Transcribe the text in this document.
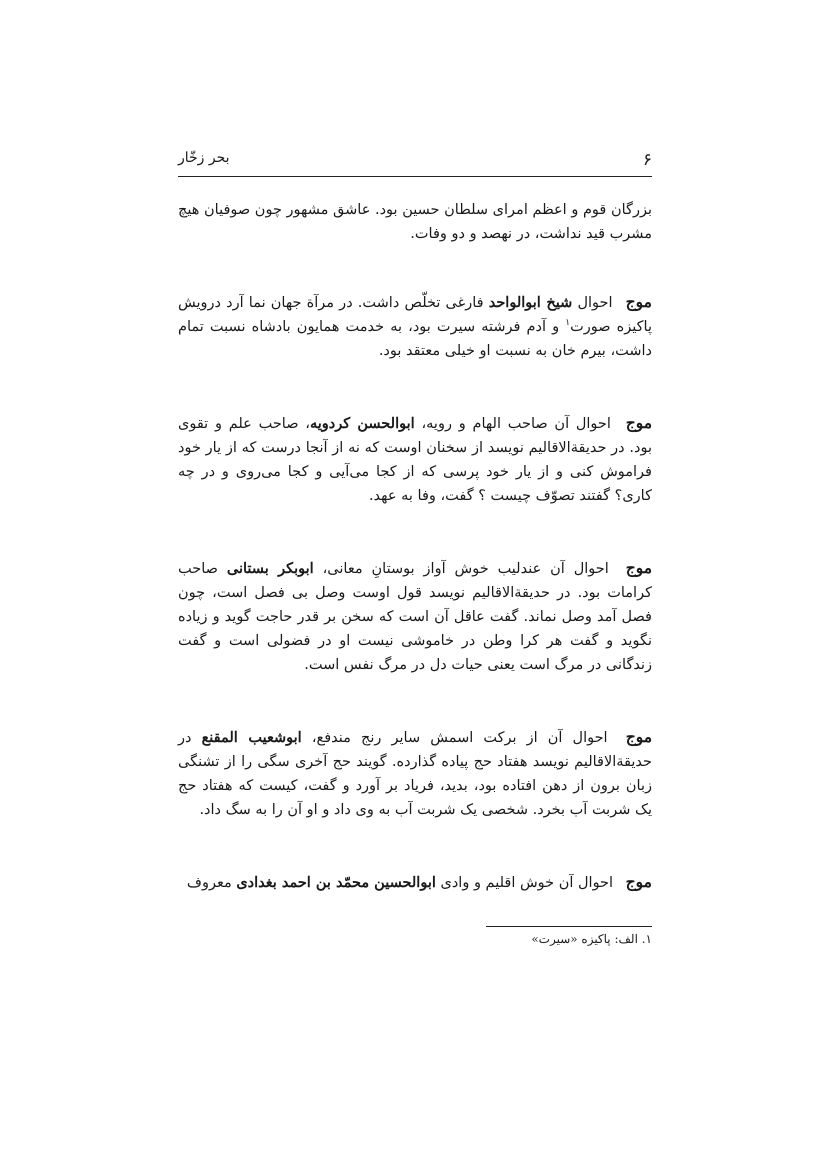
۶
بحر زخّار

بزرگان قوم و اعظم امرای سلطان حسین بود. عاشق مشهور چون صوفیان هیچ مشرب قید نداشت، در نهصد و دو وفات.

موج احوال شیخ ابوالواحد فارغی تخلّص داشت. در مرآة جهان نما آرد درویش پاکیزه صورت$^۱$ و آدم فرشته سیرت بود، به خدمت همایون بادشاه نسبت تمام داشت، بیرم خان به نسبت او خیلی معتقد بود.

موج احوال آن صاحب الهام و رویه، ابوالحسن کردویه، صاحب علم و تقوی بود. در حدیقةالاقالیم نویسد از سخنان اوست که نه از آنجا درست که از یار خود فراموش کنی و از یار خود پرسی که از کجا می‌آیی و کجا می‌روی و در چه کاری؟ گفتند تصوّف چیست ؟ گفت، وفا به عهد.

موج احوال آن عندلیب خوش آواز بوستانِ معانی، ابوبکر بستانی صاحب کرامات بود. در حدیقةالاقالیم نویسد قول اوست وصل بی فصل است، چون فصل آمد وصل نماند. گفت عاقل آن است که سخن بر قدر حاجت گوید و زیاده نگوید و گفت هر کرا وطن در خاموشی نیست او در فضولی است و گفت زندگانی در مرگ است یعنی حیات دل در مرگ نفس است.

موج احوال آن از برکت اسمش سایر رنج مندفع، ابوشعیب المقنع در حدیقةالاقالیم نویسد هفتاد حج پیاده گذارده. گویند حج آخری سگی را از تشنگی زبان برون از دهن افتاده بود، بدید، فریاد بر آورد و گفت، کیست که هفتاد حج یک شربت آب بخرد. شخصی یک شربت آب به وی داد و او آن را به سگ داد.

موج احوال آن خوش اقلیم و وادی ابوالحسین محمّد بن احمد بغدادی معروف

۱. الف: پاکیزه «سیرت»
